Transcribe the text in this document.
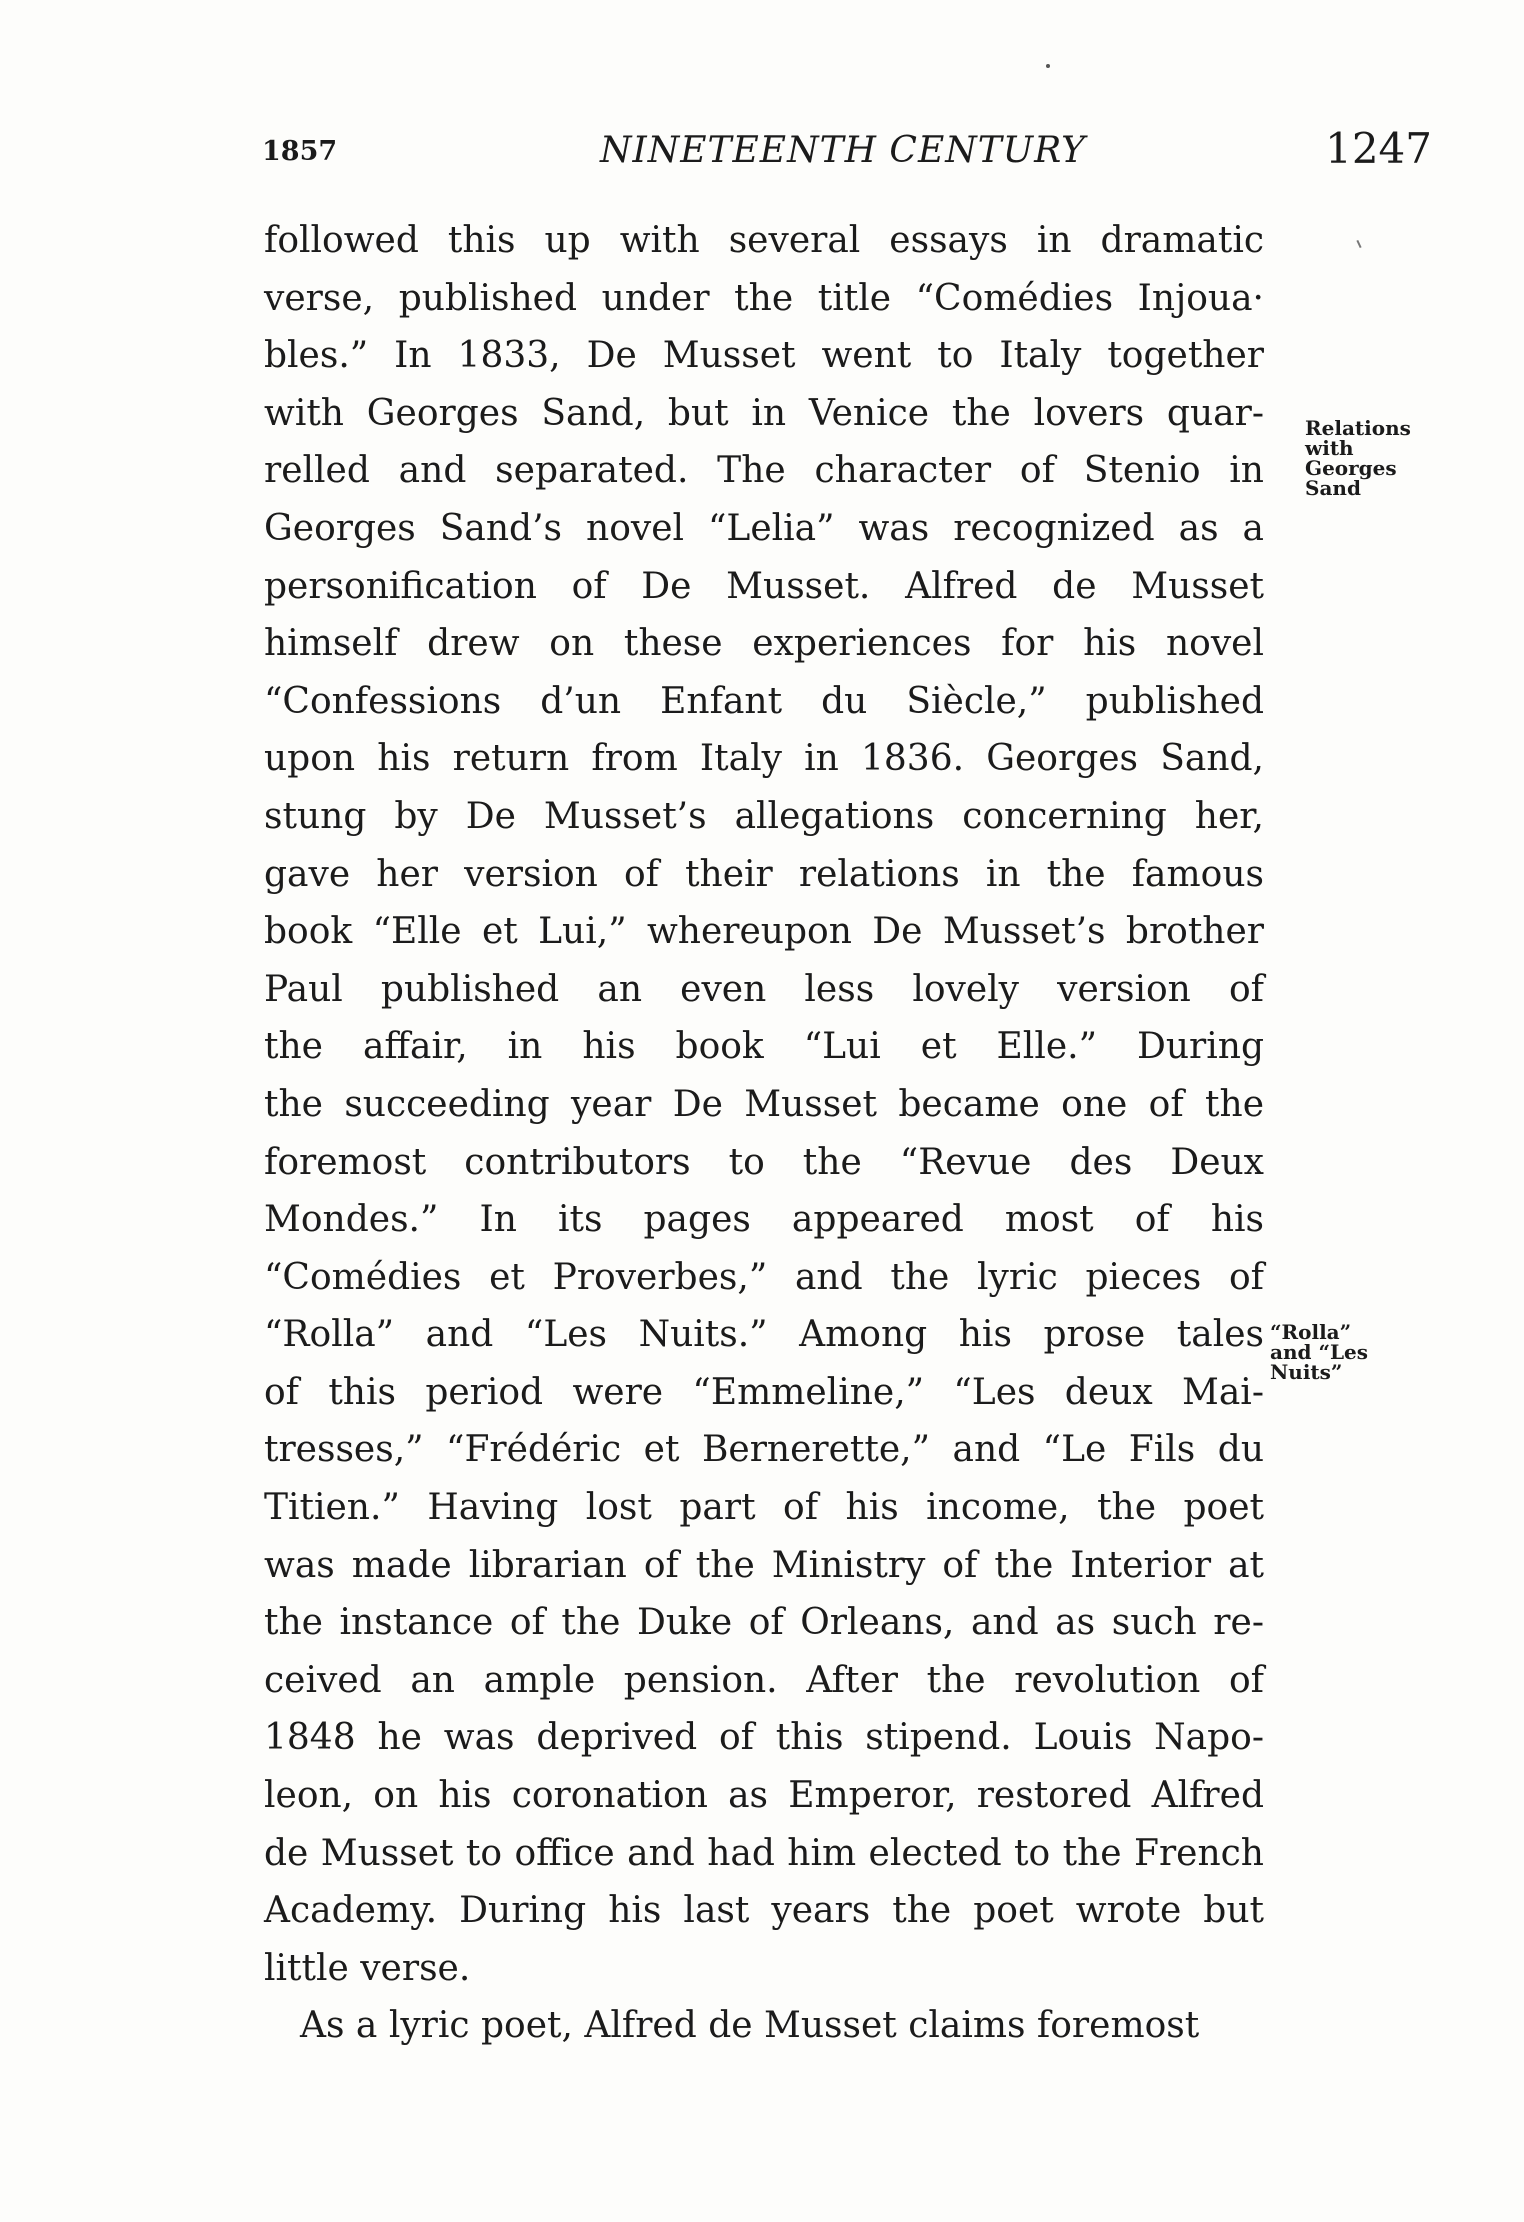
1857	NINETEENTH CENTURY	1247
followed this up with several essays in dramatic
verse, published under the title “Comédies Injoua·
bles.” In 1833, De Musset went to Italy together
with Georges Sand, but in Venice the lovers quar-
relled and separated. The character of Stenio in
Georges Sand’s novel “Lelia” was recognized as a
personification of De Musset. Alfred de Musset
himself drew on these experiences for his novel
“Confessions d’un Enfant du Siècle,” published
upon his return from Italy in 1836. Georges Sand,
stung by De Musset’s allegations concerning her,
gave her version of their relations in the famous
book “Elle et Lui,” whereupon De Musset’s brother
Paul published an even less lovely version of
the affair, in his book “Lui et Elle.” During
the succeeding year De Musset became one of the
foremost contributors to the “Revue des Deux
Mondes.” In its pages appeared most of his
“Comédies et Proverbes,” and the lyric pieces of
“Rolla” and “Les Nuits.” Among his prose tales
of this period were “Emmeline,” “Les deux Mai-
tresses,” “Frédéric et Bernerette,” and “Le Fils du
Titien.” Having lost part of his income, the poet
was made librarian of the Ministry of the Interior at
the instance of the Duke of Orleans, and as such re-
ceived an ample pension. After the revolution of
1848 he was deprived of this stipend. Louis Napo-
leon, on his coronation as Emperor, restored Alfred
de Musset to office and had him elected to the French
Academy. During his last years the poet wrote but
little verse.
As a lyric poet, Alfred de Musset claims foremost
Relations
with
Georges
Sand
“Rolla”
and “Les
Nuits”
